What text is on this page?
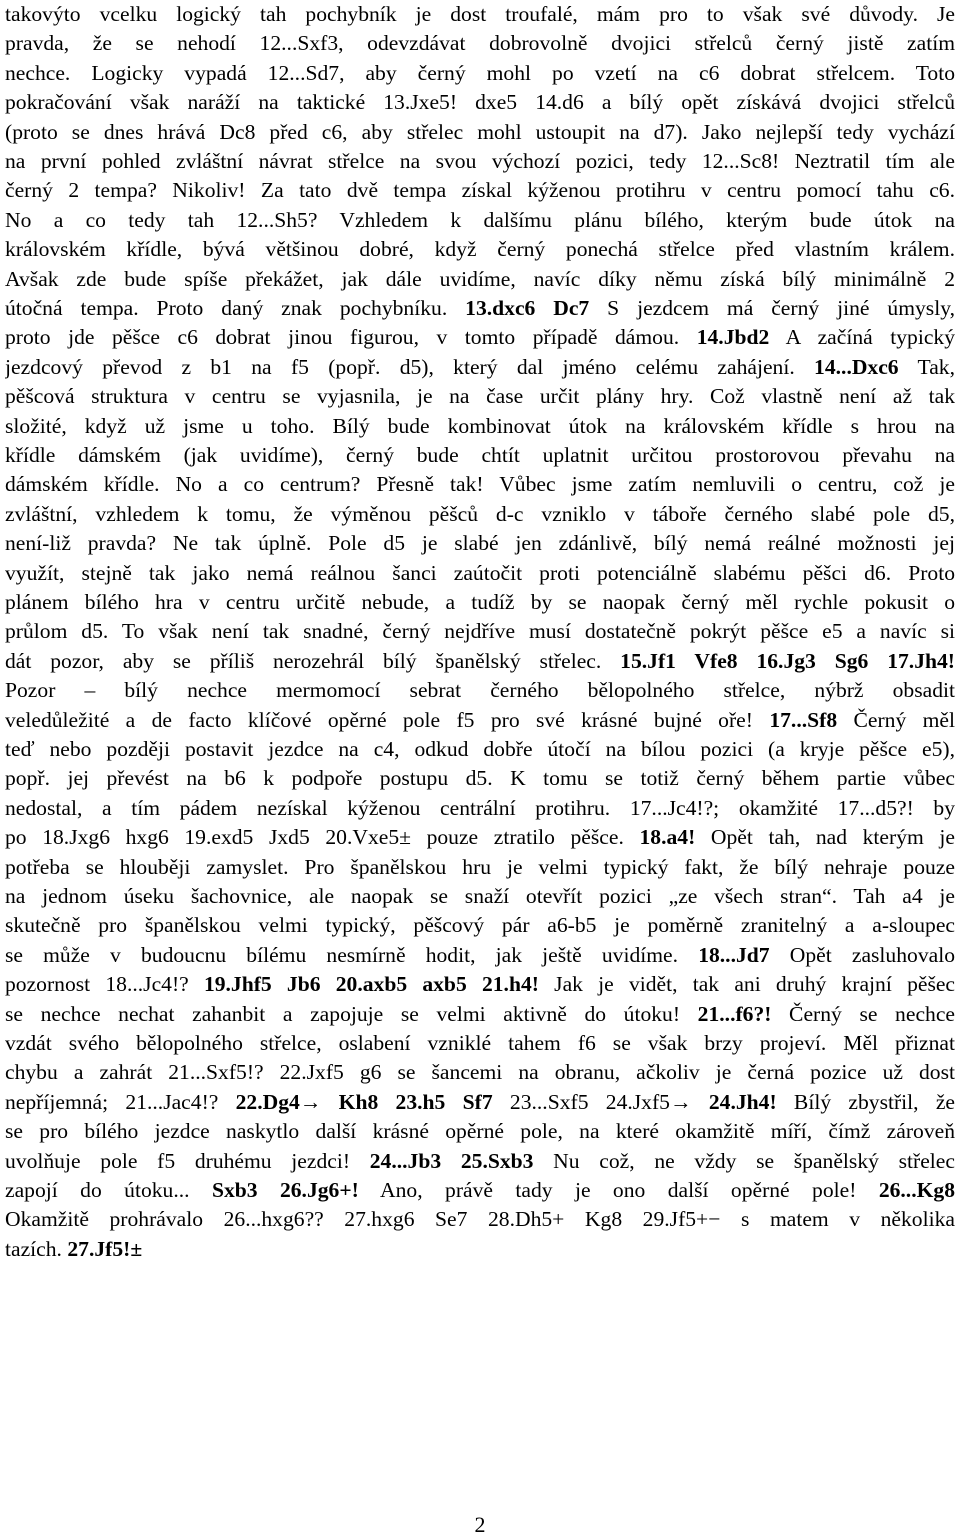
takovýto vcelku logický tah pochybník je dost troufalé, mám pro to však své důvody. Je
pravda, že se nehodí 12...Sxf3, odevzdávat dobrovolně dvojici střelců černý jistě zatím
nechce. Logicky vypadá 12...Sd7, aby černý mohl po vzetí na c6 dobrat střelcem. Toto
pokračování však naráží na taktické 13.Jxe5! dxe5 14.d6 a bílý opět získává dvojici střelců
(proto se dnes hrává Dc8 před c6, aby střelec mohl ustoupit na d7). Jako nejlepší tedy vychází
na první pohled zvláštní návrat střelce na svou výchozí pozici, tedy 12...Sc8! Neztratil tím ale
černý 2 tempa? Nikoliv! Za tato dvě tempa získal kýženou protihru v centru pomocí tahu c6.
No a co tedy tah 12...Sh5? Vzhledem k dalšímu plánu bílého, kterým bude útok na
královském křídle, bývá většinou dobré, když černý ponechá střelce před vlastním králem.
Avšak zde bude spíše překážet, jak dále uvidíme, navíc díky němu získá bílý minimálně 2
útočná tempa. Proto daný znak pochybníku. 13.dxc6 Dc7 S jezdcem má černý jiné úmysly,
proto jde pěšce c6 dobrat jinou figurou, v tomto případě dámou. 14.Jbd2 A začíná typický
jezdcový převod z b1 na f5 (popř. d5), který dal jméno celému zahájení. 14...Dxc6 Tak,
pěšcová struktura v centru se vyjasnila, je na čase určit plány hry. Což vlastně není až tak
složité, když už jsme u toho. Bílý bude kombinovat útok na královském křídle s hrou na
křídle dámském (jak uvidíme), černý bude chtít uplatnit určitou prostorovou převahu na
dámském křídle. No a co centrum? Přesně tak! Vůbec jsme zatím nemluvili o centru, což je
zvláštní, vzhledem k tomu, že výměnou pěšců d-c vzniklo v táboře černého slabé pole d5,
není-liž pravda? Ne tak úplně. Pole d5 je slabé jen zdánlivě, bílý nemá reálné možnosti jej
využít, stejně tak jako nemá reálnou šanci zaútočit proti potenciálně slabému pěšci d6. Proto
plánem bílého hra v centru určitě nebude, a tudíž by se naopak černý měl rychle pokusit o
průlom d5. To však není tak snadné, černý nejdříve musí dostatečně pokrýt pěšce e5 a navíc si
dát pozor, aby se příliš nerozehrál bílý španělský střelec. 15.Jf1 Vfe8 16.Jg3 Sg6 17.Jh4!
Pozor – bílý nechce mermomocí sebrat černého bělopolného střelce, nýbrž obsadit
veledůležité a de facto klíčové opěrné pole f5 pro své krásné bujné oře! 17...Sf8 Černý měl
teď nebo později postavit jezdce na c4, odkud dobře útočí na bílou pozici (a kryje pěšce e5),
popř. jej převést na b6 k podpoře postupu d5. K tomu se totiž černý během partie vůbec
nedostal, a tím pádem nezískal kýženou centrální protihru. 17...Jc4!?; okamžité 17...d5?! by
po 18.Jxg6 hxg6 19.exd5 Jxd5 20.Vxe5± pouze ztratilo pěšce. 18.a4! Opět tah, nad kterým je
potřeba se hlouběji zamyslet. Pro španělskou hru je velmi typický fakt, že bílý nehraje pouze
na jednom úseku šachovnice, ale naopak se snaží otevřít pozici „ze všech stran“. Tah a4 je
skutečně pro španělskou velmi typický, pěšcový pár a6-b5 je poměrně zranitelný a a-sloupec
se může v budoucnu bílému nesmírně hodit, jak ještě uvidíme. 18...Jd7 Opět zasluhovalo
pozornost 18...Jc4!? 19.Jhf5 Jb6 20.axb5 axb5 21.h4! Jak je vidět, tak ani druhý krajní pěšec
se nechce nechat zahanbit a zapojuje se velmi aktivně do útoku! 21...f6?! Černý se nechce
vzdát svého bělopolného střelce, oslabení vzniklé tahem f6 se však brzy projeví. Měl přiznat
chybu a zahrát 21...Sxf5!? 22.Jxf5 g6 se šancemi na obranu, ačkoliv je černá pozice už dost
nepříjemná; 21...Jac4!? 22.Dg4→ Kh8 23.h5 Sf7 23...Sxf5 24.Jxf5→ 24.Jh4! Bílý zbystřil, že
se pro bílého jezdce naskytlo další krásné opěrné pole, na které okamžitě míří, čímž zároveň
uvolňuje pole f5 druhému jezdci! 24...Jb3 25.Sxb3 Nu což, ne vždy se španělský střelec
zapojí do útoku... Sxb3 26.Jg6+! Ano, právě tady je ono další opěrné pole! 26...Kg8
Okamžitě prohrávalo 26...hxg6?? 27.hxg6 Se7 28.Dh5+ Kg8 29.Jf5+− s matem v několika
tazích. 27.Jf5!±
2
